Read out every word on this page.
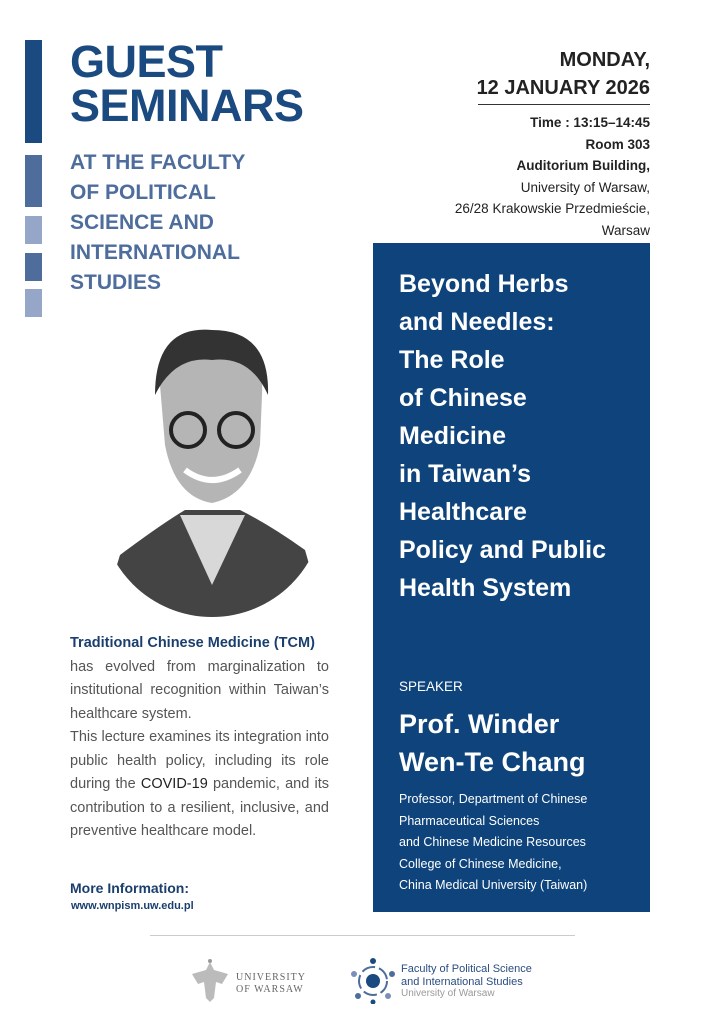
GUEST
SEMINARS
AT THE FACULTY
OF POLITICAL
SCIENCE AND
INTERNATIONAL
STUDIES
MONDAY,
12 JANUARY 2026
Time : 13:15–14:45
Room 303
Auditorium Building,
University of Warsaw,
26/28 Krakowskie Przedmieście,
Warsaw
Traditional Chinese Medicine (TCM)
has evolved from marginalization to institutional recognition within Taiwan’s healthcare system.
This lecture examines its integration into public health policy, including its role during the COVID-19 pandemic, and its contribution to a resilient, inclusive, and preventive healthcare model.
More Information:
www.wnpism.uw.edu.pl
Beyond Herbs
and Needles:
The Role
of Chinese
Medicine
in Taiwan’s
Healthcare
Policy and Public
Health System
SPEAKER
Prof. Winder
Wen-Te Chang
Professor, Department of Chinese
Pharmaceutical Sciences
and Chinese Medicine Resources
College of Chinese Medicine,
China Medical University (Taiwan)
UNIVERSITY
OF WARSAW
Faculty of Political Science
and International Studies
University of Warsaw
